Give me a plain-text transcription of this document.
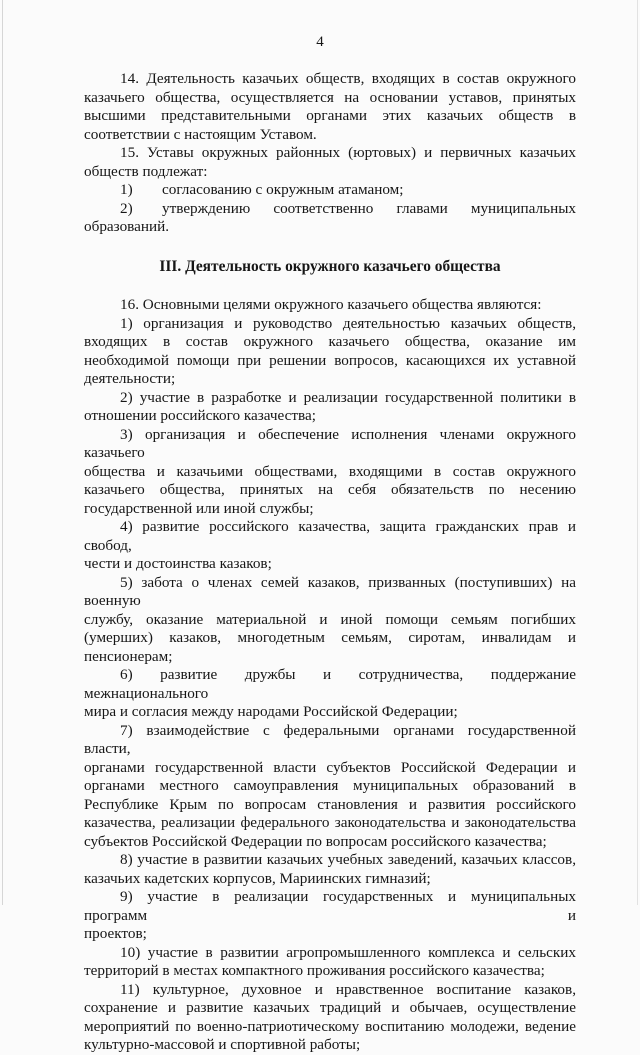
4

14. Деятельность казачьих обществ, входящих в состав окружного

казачьего общества, осуществляется на основании уставов, принятых высшими представительными органами этих казачьих обществ в соответствии с настоящим Уставом.

15. Уставы окружных районных (юртовых) и первичных казачьих

обществ подлежат:

1)	согласованию с окружным атаманом;
2)	утверждению соответственно главами муниципальных

образований.

III. Деятельность окружного казачьего общества

16. Основными целями окружного казачьего общества являются:

1) организация и руководство деятельностью казачьих обществ,

входящих в состав окружного казачьего общества, оказание им необходимой помощи при решении вопросов, касающихся их уставной деятельности;

2) участие в разработке и реализации государственной политики в

отношении российского казачества;

3) организация и обеспечение исполнения членами окружного казачьего

общества и казачьими обществами, входящими в состав окружного казачьего общества, принятых на себя обязательств по несению государственной или иной службы;

4) развитие российского казачества, защита гражданских прав и свобод,

чести и достоинства казаков;

5) забота о членах семей казаков, призванных (поступивших) на военную

службу, оказание материальной и иной помощи семьям погибших (умерших) казаков, многодетным семьям, сиротам, инвалидам и пенсионерам;

6) развитие дружбы и сотрудничества, поддержание межнационального

мира и согласия между народами Российской Федерации;

7) взаимодействие с федеральными органами государственной власти,

органами государственной власти субъектов Российской Федерации и органами местного самоуправления муниципальных образований в Республике Крым по вопросам становления и развития российского казачества, реализации федерального законодательства и законодательства субъектов Российской Федерации по вопросам российского казачества;

8) участие в развитии казачьих учебных заведений, казачьих классов,

казачьих кадетских корпусов, Мариинских гимназий;

9) участие в реализации государственных и муниципальных программ и

проектов;

10) участие в развитии агропромышленного комплекса и сельских

территорий в местах компактного проживания российского казачества;

11) культурное, духовное и нравственное воспитание казаков,

сохранение и развитие казачьих традиций и обычаев, осуществление мероприятий по военно-патриотическому воспитанию молодежи, ведение культурно-массовой и спортивной работы;
